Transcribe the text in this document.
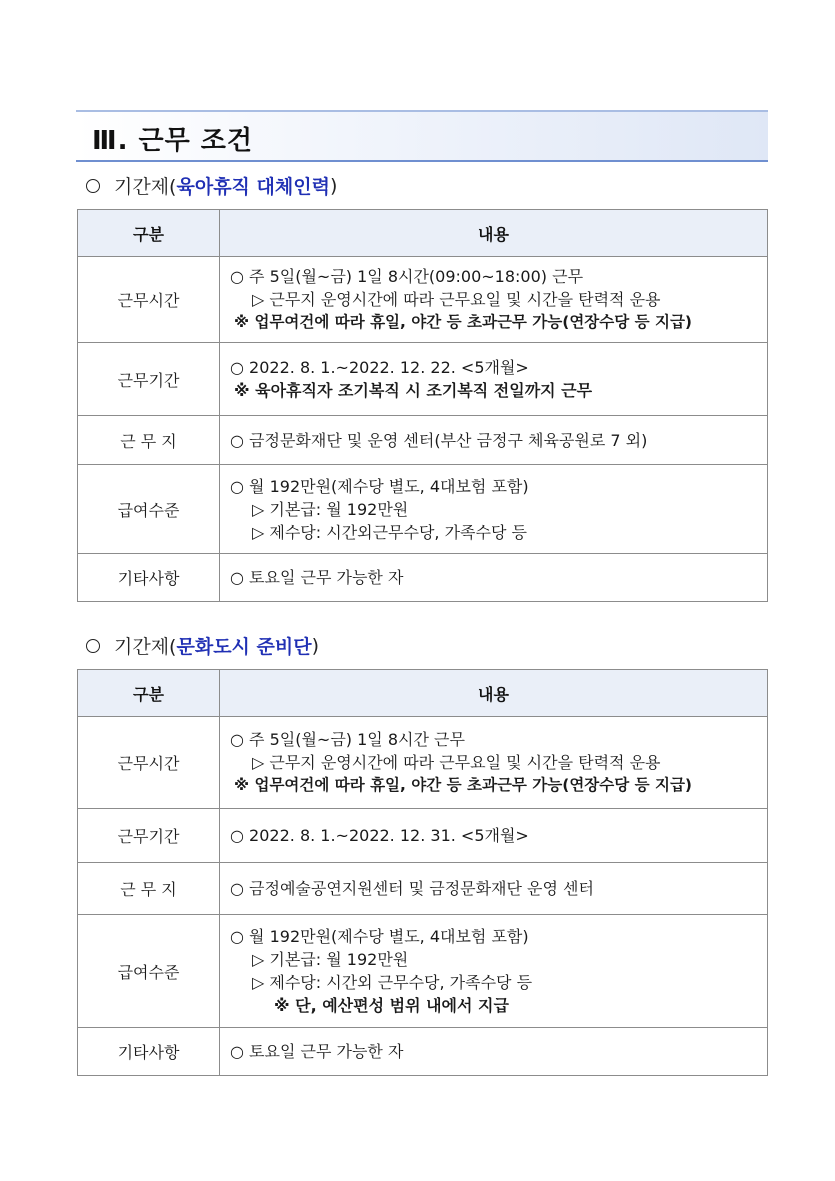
Ⅲ. 근무 조건
기간제( 육아휴직 대체인력 )
구분	내용
근무시간	○ 주 5일(월~금) 1일 8시간(09:00~18:00) 근무
▷ 근무지 운영시간에 따라 근무요일 및 시간을 탄력적 운용
※ 업무여건에 따라 휴일, 야간 등 초과근무 가능(연장수당 등 지급)

근무기간	○ 2022. 8. 1.~2022. 12. 22. <5개월>
※ 육아휴직자 조기복직 시 조기복직 전일까지 근무

근 무 지	○ 금정문화재단 및 운영 센터(부산 금정구 체육공원로 7 외)

급여수준	○ 월 192만원(제수당 별도, 4대보험 포함)
▷ 기본급: 월 192만원
▷ 제수당: 시간외근무수당, 가족수당 등

기타사항	○ 토요일 근무 가능한 자
기간제( 문화도시 준비단 )
구분	내용
근무시간	○ 주 5일(월~금) 1일 8시간 근무
▷ 근무지 운영시간에 따라 근무요일 및 시간을 탄력적 운용
※ 업무여건에 따라 휴일, 야간 등 초과근무 가능(연장수당 등 지급)

근무기간	○ 2022. 8. 1.~2022. 12. 31. <5개월>

근 무 지	○ 금정예술공연지원센터 및 금정문화재단 운영 센터

급여수준	○ 월 192만원(제수당 별도, 4대보험 포함)
▷ 기본급: 월 192만원
▷ 제수당: 시간외 근무수당, 가족수당 등
※ 단, 예산편성 범위 내에서 지급

기타사항	○ 토요일 근무 가능한 자
